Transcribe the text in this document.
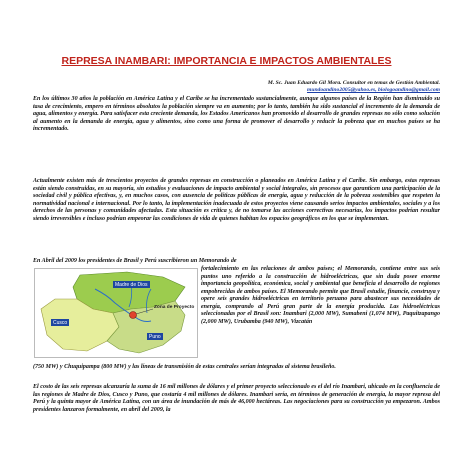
REPRESA INAMBARI: IMPORTANCIA E IMPACTOS AMBIENTALES
M. Sc. Juan Eduardo Gil Mora. Consultor en temas de Gestión Ambiental.
mundoandino2005@yahoo.es, biologoandino@gmail.com

En los últimos 30 años la población en América Latina y el Caribe se ha incrementado sustancialmente, aunque algunos países de la Región han disminuido su tasa de crecimiento, empero en términos absolutos la población siempre va en aumento; por lo tanto, también ha sido sustancial el incremento de la demanda de agua, alimentos y energía. Para satisfacer esta creciente demanda, los Estados Americanos han promovido el desarrollo de grandes represas no sólo como solución al aumento en la demanda de energía, agua y alimentos, sino como una forma de promover el desarrollo y reducir la pobreza que en muchos países se ha incrementado.

Actualmente existen más de trescientos proyectos de grandes represas en construcción o planeados en América Latina y el Caribe. Sin embargo, estas represas están siendo construidas, en su mayoría, sin estudios y evaluaciones de impacto ambiental y social integrales, sin procesos que garanticen una participación de la sociedad civil y pública efectivas, y, en muchos casos, con ausencia de políticas públicas de energía, agua y reducción de la pobreza sostenibles que respeten la normatividad nacional e internacional. Por lo tanto, la implementación inadecuada de estos proyectos viene causando serios impactos ambientales, sociales y a los derechos de las personas y comunidades afectadas. Esta situación es crítica y, de no tomarse las acciones correctivas necesarias, los impactos podrían resultar siendo irreversibles e incluso podrían empeorar las condiciones de vida de quienes habitan los espacios geográficos en los que se implementan.

En Abril del 2009 los presidentes de Brasil y Perú suscribieron un Memorando de

Madre de Dios
Cusco
Puno
Zona de Proyecto

fortalecimiento en las relaciones de ambos países; el Memorando, contiene entre sus seis puntos uno referido a la construcción de hidroeléctricas, que sin duda posee enorme importancia geopolítica, económica, social y ambiental que beneficia el desarrollo de regiones empobrecidas de ambos países. El Memorando permite que Brasil estudie, financie, construya y opere seis grandes hidroeléctricas en territorio peruano para abastecer sus necesidades de energía, comprando al Perú gran parte de la energía producida. Las hidroeléctricas seleccionadas por el Brasil son: Inambari (2,000 MW), Sumabeni (1,074 MW), Paquitzapango (2,000 MW), Urubamba (940 MW), Vizcatán

(750 MW) y Chuquipampa (800 MW) y las líneas de transmisión de estas centrales serían integradas al sistema brasileño.

El costo de las seis represas alcanzaría la suma de 16 mil millones de dólares y el primer proyecto seleccionado es el del río Inambari, ubicado en la confluencia de las regiones de Madre de Dios, Cusco y Puno, que costaría 4 mil millones de dólares. Inambari sería, en términos de generación de energía, la mayor represa del Perú y la quinta mayor de América Latina, con un área de inundación de más de 46,000 hectáreas. Las negociaciones para su construcción ya empezaron. Ambos presidentes lanzaron formalmente, en abril del 2009, la
